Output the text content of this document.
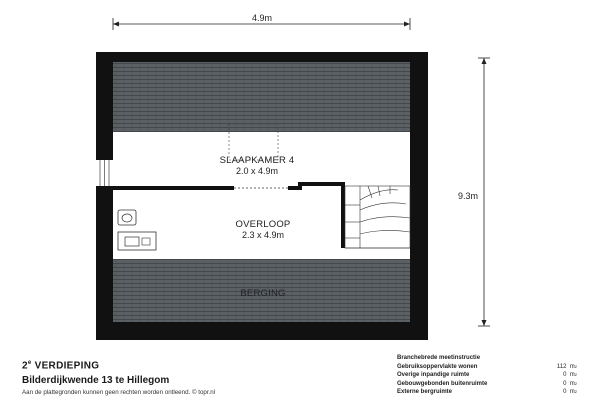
4.9m
9.3m
SLAAPKAMER 4
2.0 x 4.9m
OVERLOOP
2.3 x 4.9m
BERGING
2e VERDIEPING
Bilderdijkwende 13 te Hillegom
Aan de plattegronden kunnen geen rechten worden ontleend. © topr.nl
Branchebrede meetinstructie
Gebruiksoppervlakte wonen	112 $m^2$
Overige inpandige ruimte	0 $m^2$
Gebouwgebonden buitenruimte	0 $m^2$
Externe bergruimte	0 $m^2$
